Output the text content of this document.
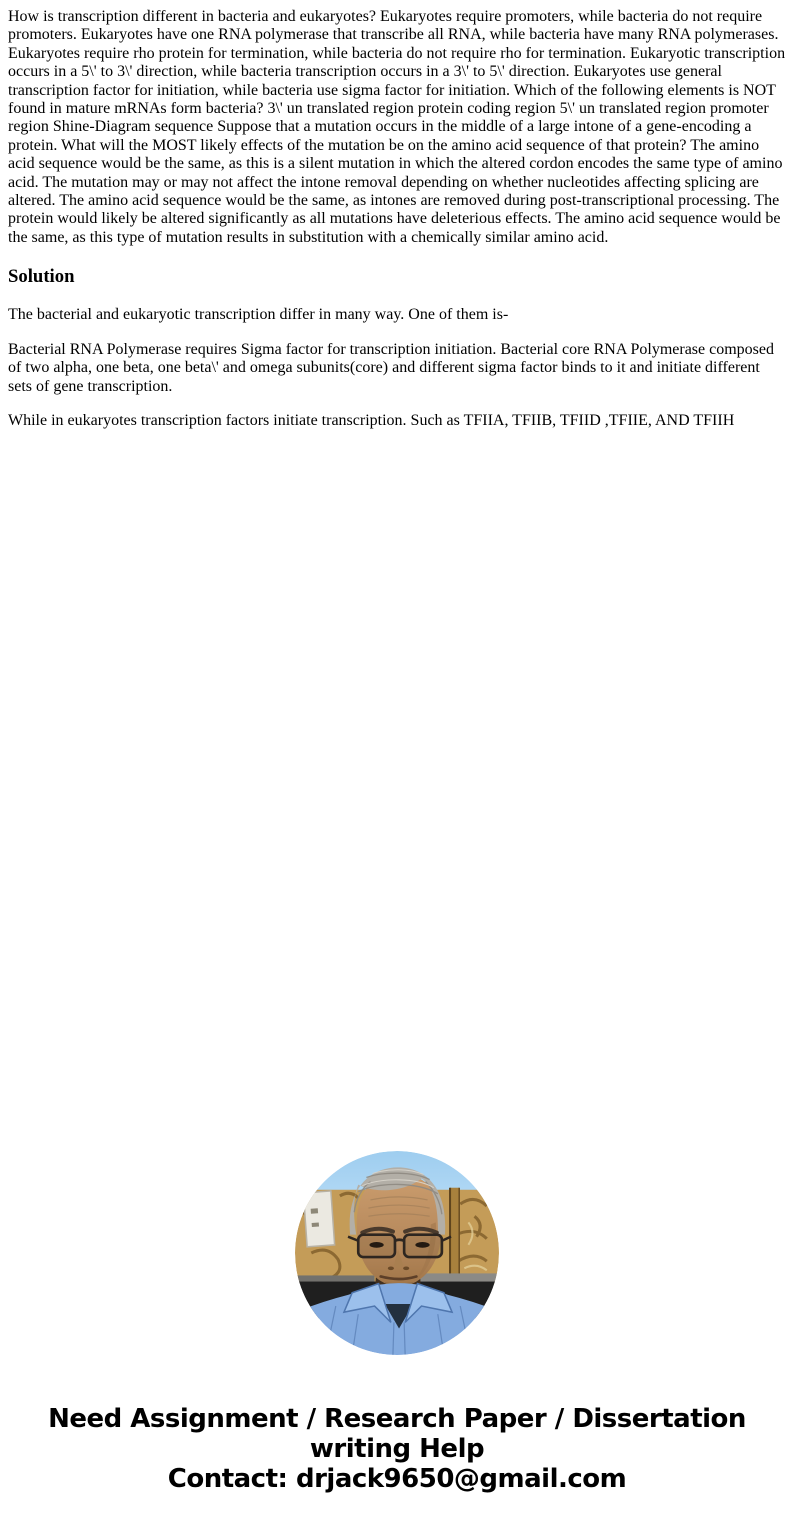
How is transcription different in bacteria and eukaryotes? Eukaryotes require promoters, while bacteria do not require promoters. Eukaryotes have one RNA polymerase that transcribe all RNA, while bacteria have many RNA polymerases. Eukaryotes require rho protein for termination, while bacteria do not require rho for termination. Eukaryotic transcription occurs in a 5\' to 3\' direction, while bacteria transcription occurs in a 3\' to 5\' direction. Eukaryotes use general transcription factor for initiation, while bacteria use sigma factor for initiation. Which of the following elements is NOT found in mature mRNAs form bacteria? 3\' un translated region protein coding region 5\' un translated region promoter region Shine-Diagram sequence Suppose that a mutation occurs in the middle of a large intone of a gene-encoding a protein. What will the MOST likely effects of the mutation be on the amino acid sequence of that protein? The amino acid sequence would be the same, as this is a silent mutation in which the altered cordon encodes the same type of amino acid. The mutation may or may not affect the intone removal depending on whether nucleotides affecting splicing are altered. The amino acid sequence would be the same, as intones are removed during post-transcriptional processing. The protein would likely be altered significantly as all mutations have deleterious effects. The amino acid sequence would be the same, as this type of mutation results in substitution with a chemically similar amino acid.

Solution

The bacterial and eukaryotic transcription differ in many way. One of them is-

Bacterial RNA Polymerase requires Sigma factor for transcription initiation. Bacterial core RNA Polymerase composed of two alpha, one beta, one beta\' and omega subunits(core) and different sigma factor binds to it and initiate different sets of gene transcription.

While in eukaryotes transcription factors initiate transcription. Such as TFIIA, TFIIB, TFIID ,TFIIE, AND TFIIH

Need Assignment / Research Paper / Dissertation
writing Help
Contact: drjack9650@gmail.com
